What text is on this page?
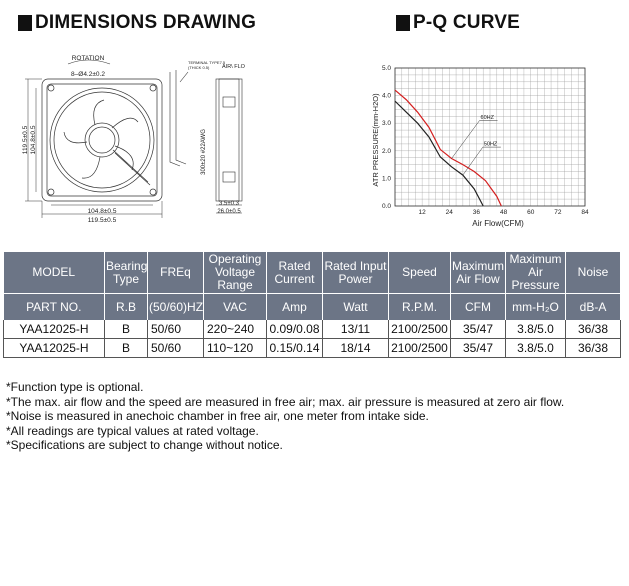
DIMENSIONS DRAWING	P-Q CURVE
ROTATION
8–Ø4.2±0.2
TERMINAL TYPE7.5
(THICK 0.5) AIR\ FLO
119.5±0.5 104.8±0.5
104.8±0.5
119.5±0.5
300±20 #22AWG
3.5±0.3
26.0±0.5	12	24	36	48	60	72	84
0.0
1.0
2.0
3.0
4.0
5.0
60HZ
50HZ
ATR PRESSURE(mm-H2O)
Air Flow(CFM)
MODEL	Bearing Type	FREq	Operating Voltage Range	Rated Current	Rated Input Power	Speed	Maximum Air Flow	Maximum Air Pressure	Noise
PART NO.	R.B	(50/60)HZ	VAC	Amp	Watt	R.P.M.	CFM	mm-H₂O	dB-A
YAA12025-H	B	50/60	220~240	0.09/0.08	13/11	2100/2500	35/47	3.8/5.0	36/38
YAA12025-H	B	50/60	110~120	0.15/0.14	18/14	2100/2500	35/47	3.8/5.0	36/38
*Function type is optional.
*The max. air flow and the speed are measured in free air; max. air pressure is measured at zero air flow.
*Noise is measured in anechoic chamber in free air, one meter from intake side.
*All readings are typical values at rated voltage.
*Specifications are subject to change without notice.
